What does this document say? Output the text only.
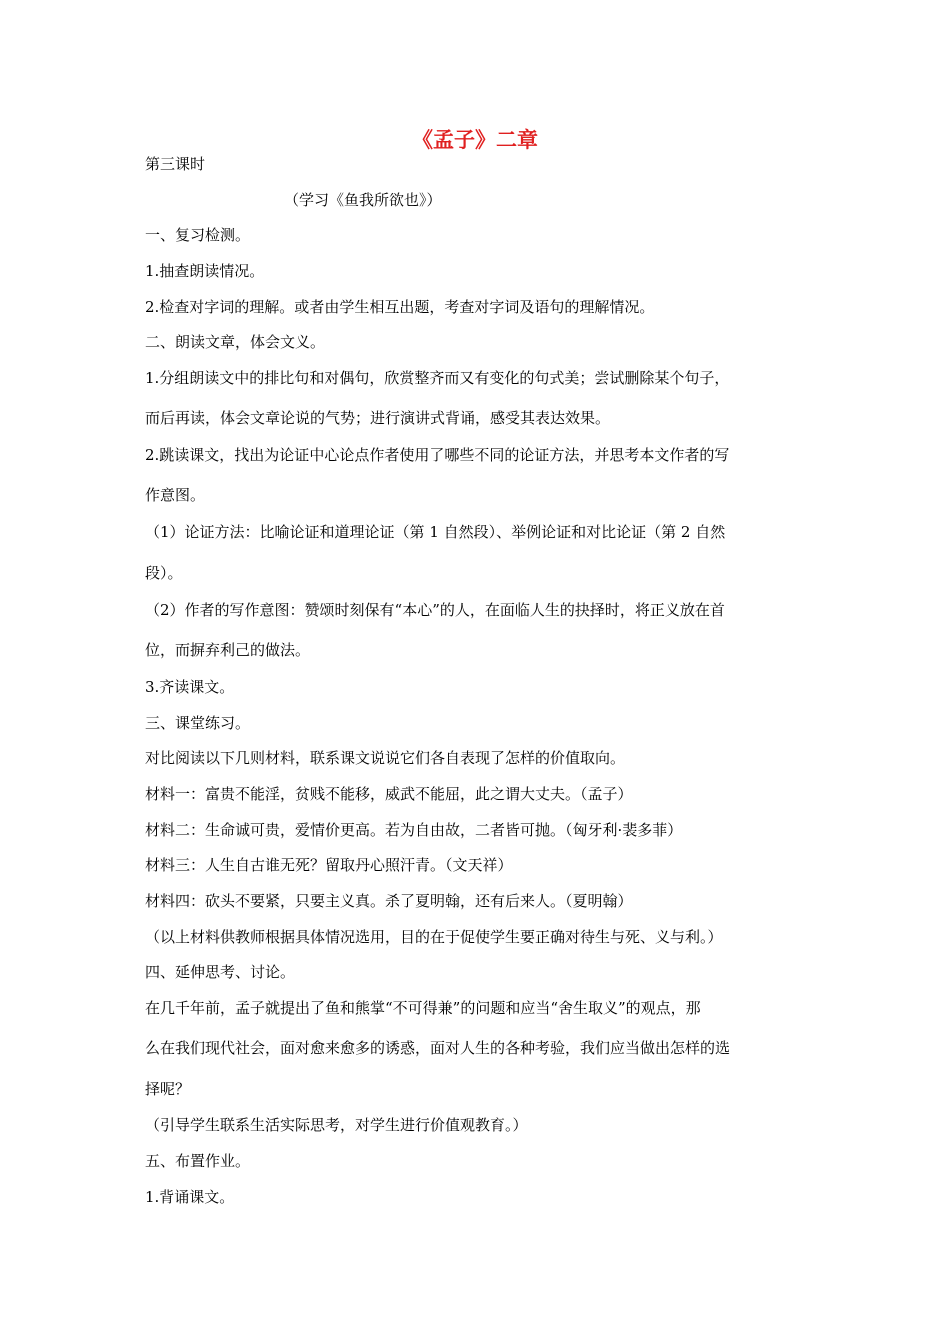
《孟子》二章
第三课时
（学习《鱼我所欲也》）
一、复习检测。
1.抽查朗读情况。
2.检查对字词的理解。或者由学生相互出题，考查对字词及语句的理解情况。
二、朗读文章，体会文义。
1.分组朗读文中的排比句和对偶句，欣赏整齐而又有变化的句式美；尝试删除某个句子，
而后再读，体会文章论说的气势；进行演讲式背诵，感受其表达效果。
2.跳读课文，找出为论证中心论点作者使用了哪些不同的论证方法，并思考本文作者的写
作意图。
（1）论证方法：比喻论证和道理论证（第 1 自然段）、举例论证和对比论证（第 2 自然
段）。
（2）作者的写作意图：赞颂时刻保有“本心”的人，在面临人生的抉择时，将正义放在首
位，而摒弃利己的做法。
3.齐读课文。
三、课堂练习。
对比阅读以下几则材料，联系课文说说它们各自表现了怎样的价值取向。
材料一：富贵不能淫，贫贱不能移，威武不能屈，此之谓大丈夫。（孟子）
材料二：生命诚可贵，爱情价更高。若为自由故，二者皆可抛。（匈牙利·裴多菲）
材料三：人生自古谁无死？留取丹心照汗青。（文天祥）
材料四：砍头不要紧，只要主义真。杀了夏明翰，还有后来人。（夏明翰）
（以上材料供教师根据具体情况选用，目的在于促使学生要正确对待生与死、义与利。）
四、延伸思考、讨论。
在几千年前，孟子就提出了鱼和熊掌“不可得兼”的问题和应当“舍生取义”的观点，那
么在我们现代社会，面对愈来愈多的诱惑，面对人生的各种考验，我们应当做出怎样的选
择呢？
（引导学生联系生活实际思考，对学生进行价值观教育。）
五、布置作业。
1.背诵课文。
